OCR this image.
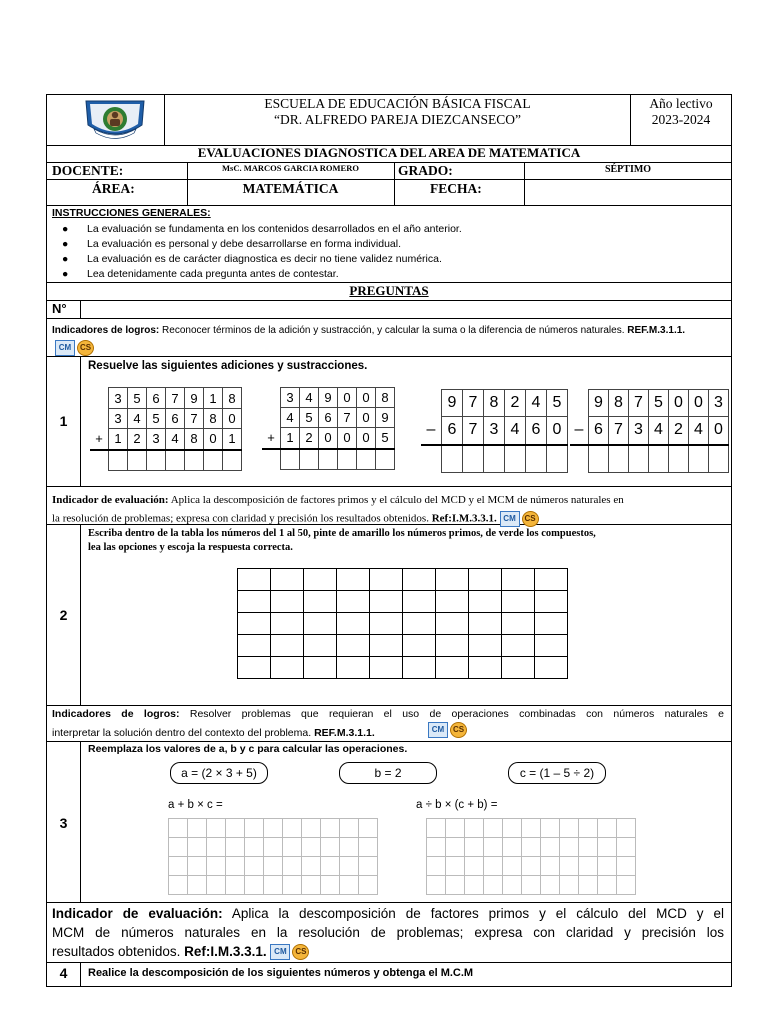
ESCUELA DE EDUCACIÓN BÁSICA FISCAL
“DR. ALFREDO PAREJA DIEZCANSECO”
Año lectivo
2023-2024
EVALUACIONES DIAGNOSTICA DEL AREA DE MATEMATICA
DOCENTE:	MsC. MARCOS GARCIA ROMERO	GRADO:	SÉPTIMO
ÁREA:	MATEMÁTICA	FECHA:
INSTRUCCIONES GENERALES:
● La evaluación se fundamenta en los contenidos desarrollados en el año anterior.
● La evaluación es personal y debe desarrollarse en forma individual.
● La evaluación es de carácter diagnostica es decir no tiene validez numérica.
● Lea detenidamente cada pregunta antes de contestar.
PREGUNTAS
N°
Indicadores de logros: Reconocer términos de la adición y sustracción, y calcular la suma o la diferencia de números naturales. REF.M.3.1.1.
CM CS
1
Resuelve las siguientes adiciones y sustracciones.
	3	5	6	7	9	1	8
	3	4	5	6	7	8	0
+	1	2	3	4	8	0	1

	3	4	9	0	0	8
	4	5	6	7	0	9
+	1	2	0	0	0	5

	9	7	8	2	4	5
–	6	7	3	4	6	0

	9	8	7	5	0	0	3
–	6	7	3	4	2	4	0

Indicador de evaluación: Aplica la descomposición de factores primos y el cálculo del MCD y el MCM de números naturales en
la resolución de problemas; expresa con claridad y precisión los resultados obtenidos. Ref:I.M.3.3.1. CM CS
2
Escriba dentro de la tabla los números del 1 al 50, pinte de amarillo los números primos, de verde los compuestos,
lea las opciones y escoja la respuesta correcta.

Indicadores de logros: Resolver problemas que requieran el uso de operaciones combinadas con números naturales e
interpretar la solución dentro del contexto del problema. REF.M.3.1.1.	CM CS
3
Reemplaza los valores de a, b y c para calcular las operaciones.
a = (2 × 3 + 5)	b = 2	c = (1 – 5 ÷ 2)
a + b × c =	a ÷ b × (c + b) =

Indicador de evaluación: Aplica la descomposición de factores primos y el cálculo del MCD y el
MCM de números naturales en la resolución de problemas; expresa con claridad y precisión los
resultados obtenidos. Ref:I.M.3.3.1. CM CS
4	Realice la descomposición de los siguientes números y obtenga el M.C.M
